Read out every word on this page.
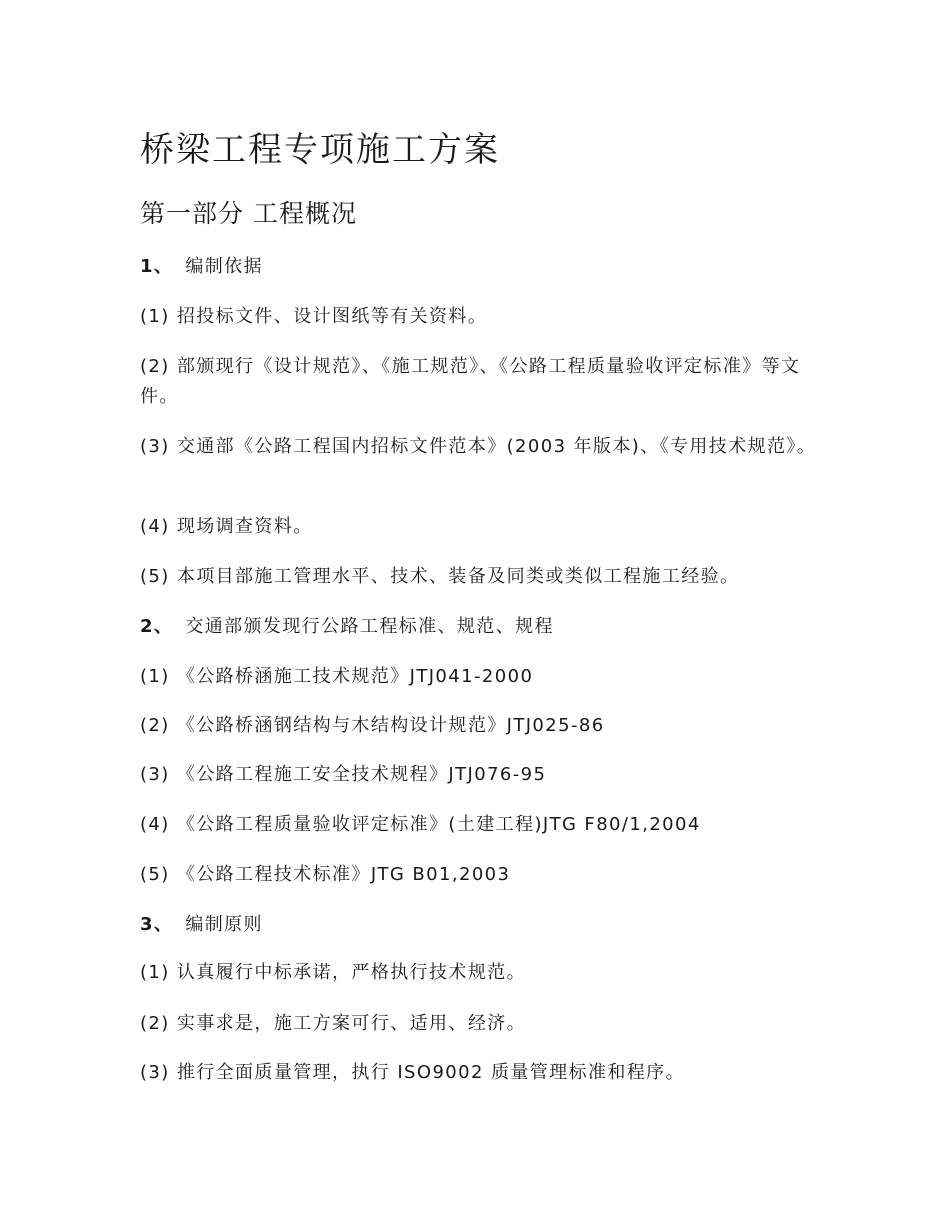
桥梁工程专项施工方案
第一部分 工程概况

1、 编制依据

(1) 招投标文件、设计图纸等有关资料。

(2) 部颁现行《设计规范》、《施工规范》、《公路工程质量验收评定标准》等文件。

(3) 交通部《公路工程国内招标文件范本》(2003 年版本)、《专用技术规范》。

(4) 现场调查资料。

(5) 本项目部施工管理水平、技术、装备及同类或类似工程施工经验。

2、 交通部颁发现行公路工程标准、规范、规程

(1) 《公路桥涵施工技术规范》JTJ041-2000

(2) 《公路桥涵钢结构与木结构设计规范》JTJ025-86

(3) 《公路工程施工安全技术规程》JTJ076-95

(4) 《公路工程质量验收评定标准》(土建工程)JTG F80/1,2004

(5) 《公路工程技术标准》JTG B01,2003

3、 编制原则

(1) 认真履行中标承诺，严格执行技术规范。

(2) 实事求是，施工方案可行、适用、经济。

(3) 推行全面质量管理，执行 ISO9002 质量管理标准和程序。
